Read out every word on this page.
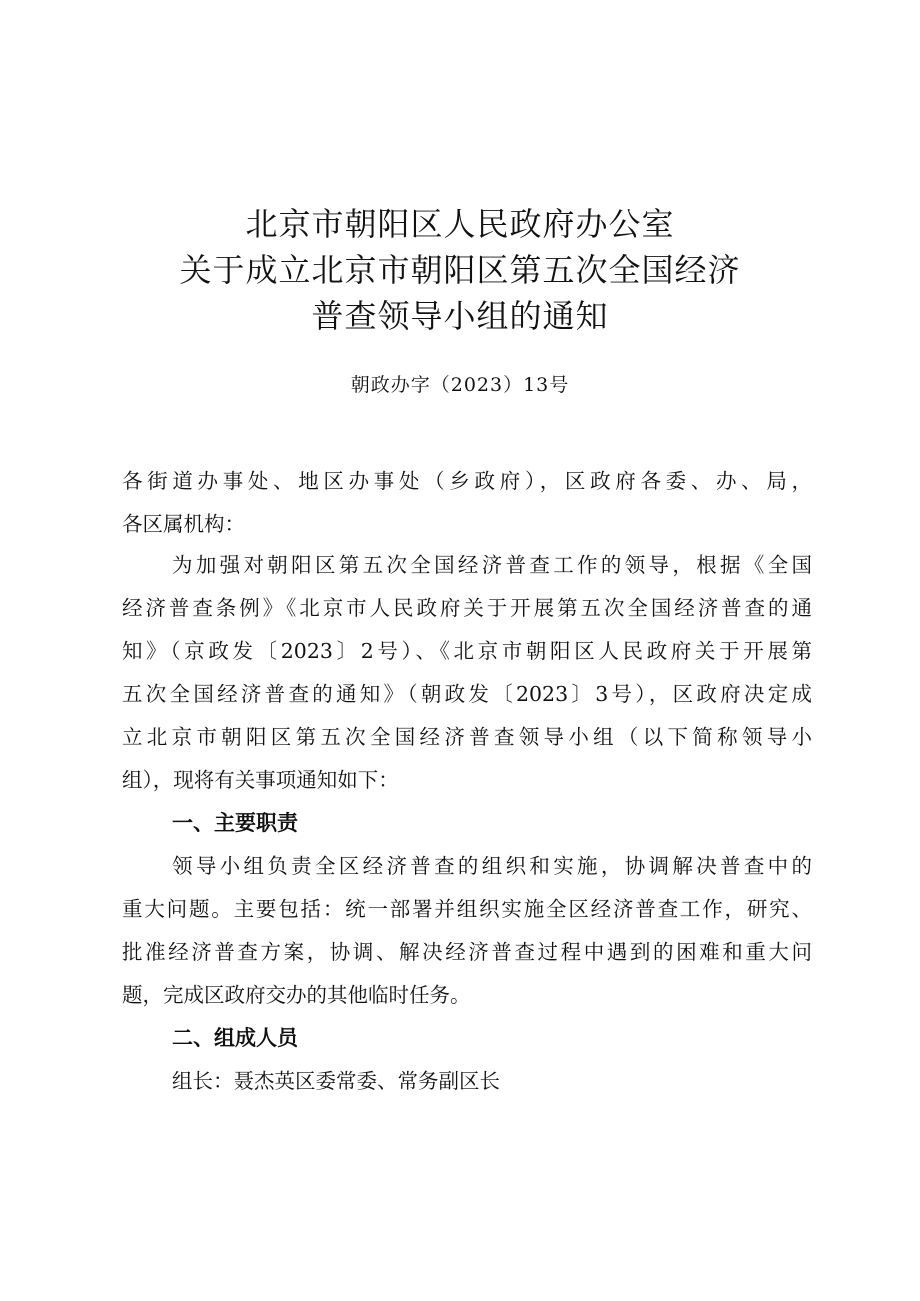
北京市朝阳区人民政府办公室
关于成立北京市朝阳区第五次全国经济
普查领导小组的通知
朝政办字（2023）13号
各街道办事处、地区办事处（乡政府），区政府各委、办、局，
各区属机构：
为加强对朝阳区第五次全国经济普查工作的领导，根据《全国
经济普查条例》《北京市人民政府关于开展第五次全国经济普查的通
知》（京政发〔2023〕2号）、《北京市朝阳区人民政府关于开展第
五次全国经济普查的通知》（朝政发〔2023〕3号），区政府决定成
立北京市朝阳区第五次全国经济普查领导小组（以下简称领导小
组），现将有关事项通知如下：
一、主要职责
领导小组负责全区经济普查的组织和实施，协调解决普查中的
重大问题。主要包括：统一部署并组织实施全区经济普查工作，研究、
批准经济普查方案，协调、解决经济普查过程中遇到的困难和重大问
题，完成区政府交办的其他临时任务。
二、组成人员
组长：聂杰英区委常委、常务副区长
